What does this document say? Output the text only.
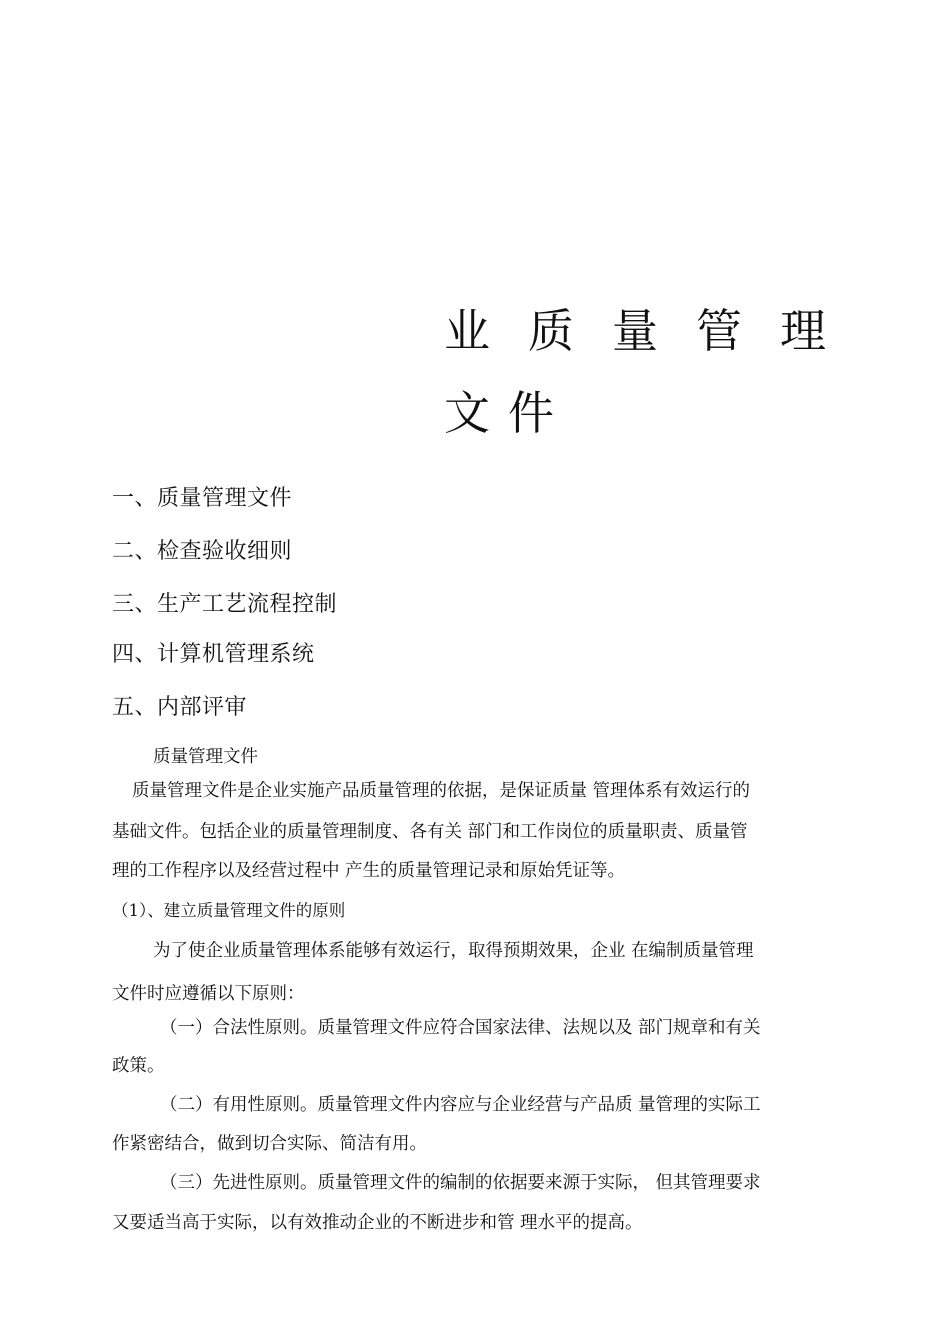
业质量管理
文件
一、质量管理文件
二、检查验收细则
三、生产工艺流程控制
四、计算机管理系统
五、内部评审
质量管理文件
质量管理文件是企业实施产品质量管理的依据，是保证质量 管理体系有效运行的
基础文件。包括企业的质量管理制度、各有关 部门和工作岗位的质量职责、质量管
理的工作程序以及经营过程中 产生的质量管理记录和原始凭证等。
（1）、建立质量管理文件的原则
为了使企业质量管理体系能够有效运行，取得预期效果，企业 在编制质量管理
文件时应遵循以下原则：
（一）合法性原则。质量管理文件应符合国家法律、法规以及 部门规章和有关
政策。
（二）有用性原则。质量管理文件内容应与企业经营与产品质 量管理的实际工
作紧密结合，做到切合实际、简洁有用。
（三）先进性原则。质量管理文件的编制的依据要来源于实际， 但其管理要求
又要适当高于实际，以有效推动企业的不断进步和管 理水平的提高。
